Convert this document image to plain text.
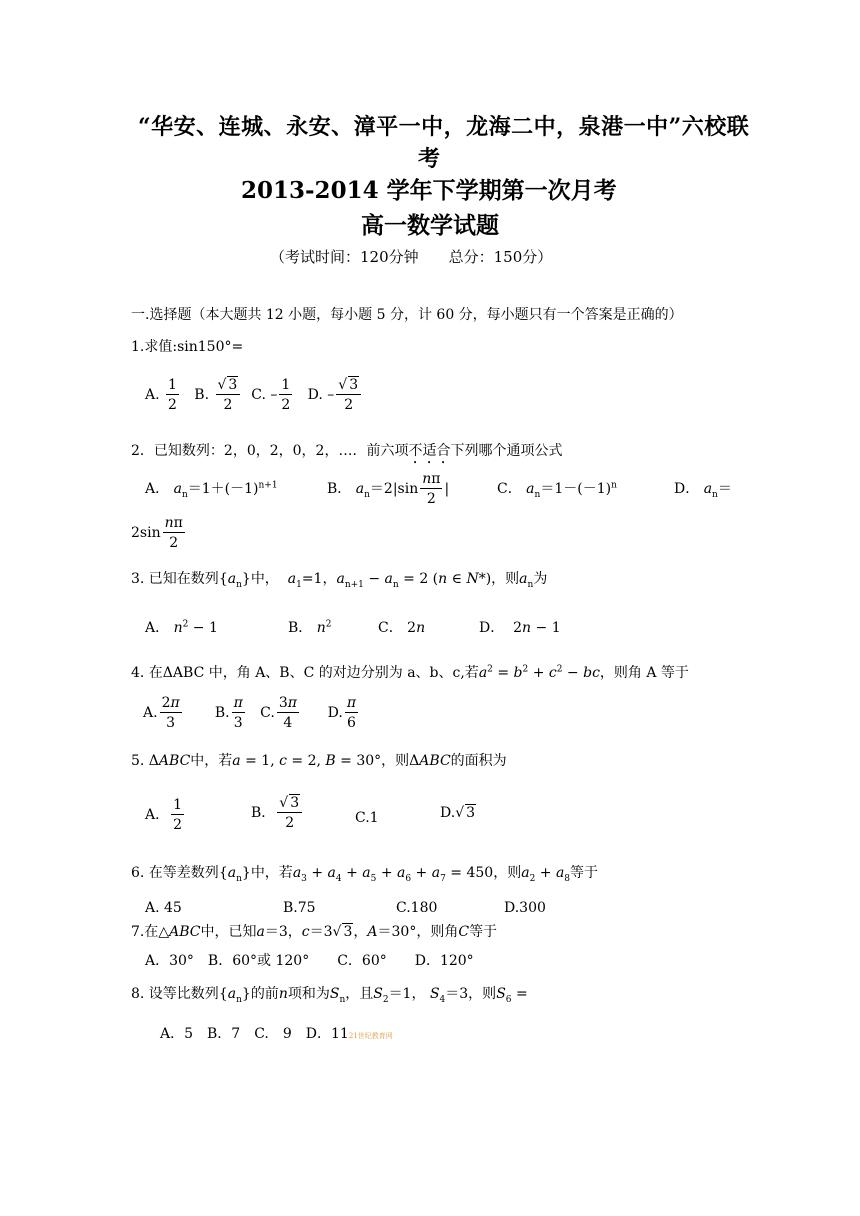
“华安、连城、永安、漳平一中，龙海二中，泉港一中”六校联
考
2013-2014 学年下学期第一次月考
高一数学试题
（考试时间：120分钟　　总分：150分）
一.选择题（本大题共 12 小题，每小题 5 分，计 60 分，每小题只有一个答案是正确的）
1.求值:sin150°=
A. $\frac{1}{2} B$. $\frac{√ 3}{2} C$. – $\frac{1}{2} D$. – $\frac{√ 3}{2}$
2．已知数列：2，0，2，0，2，…．前六项不适合下列哪个通项公式
A． $a_n=1+(-1)^{n+1}$	B． $a_n=2|\sin \frac{n\pi}{2}$ |	C． $a_n=1-(-1)^n$	D． $a_n=$
$2\sin \frac{n\pi}{2}$
3. 已知在数列$\{a_n\}$中， $a_1=1$，$a_{n+1} - a_n = 2$ (n ∈ N*)，则$a_n$为
A． $n^2 - 1$	B． $n^2$	C． 2n	D．  2n − 1
4. 在ΔABC 中，角 A、B、C 的对边分别为 a、b、c,若$a^2 = b^2 + c^2$ − bc，则角 A 等于
A. $\frac{2\pi}{3} B$. $\frac{\pi}{3} C$. $\frac{3\pi}{4} D$. $\frac{\pi}{6}$
5. ΔABC中，若a = 1, c = 2, B = 30°，则ΔABC的面积为
A． $\frac{1}{2}$	B． $\frac{√ 3}{2}$	C.1	D.√ 3
6. 在等差数列$\{a_n\}$中，若$a_3 + a_4 + a_5 + a_6 + a_7 = 450$，则$a_2 + a_8$等于
A. 45	B.75	C.180	D.300
7.在△ABC中，已知a＝3，c＝3√ 3，A＝30°，则角C等于
A．30°　B．60°或 120°　　C．60°　　D．120°
8. 设等比数列$\{a_n\}$的前n项和为$S_n$，且$S_2=1$， $S_4=3$，则$S_6$ =
A．5　B．7　C.　9　D．1121世纪教育网
